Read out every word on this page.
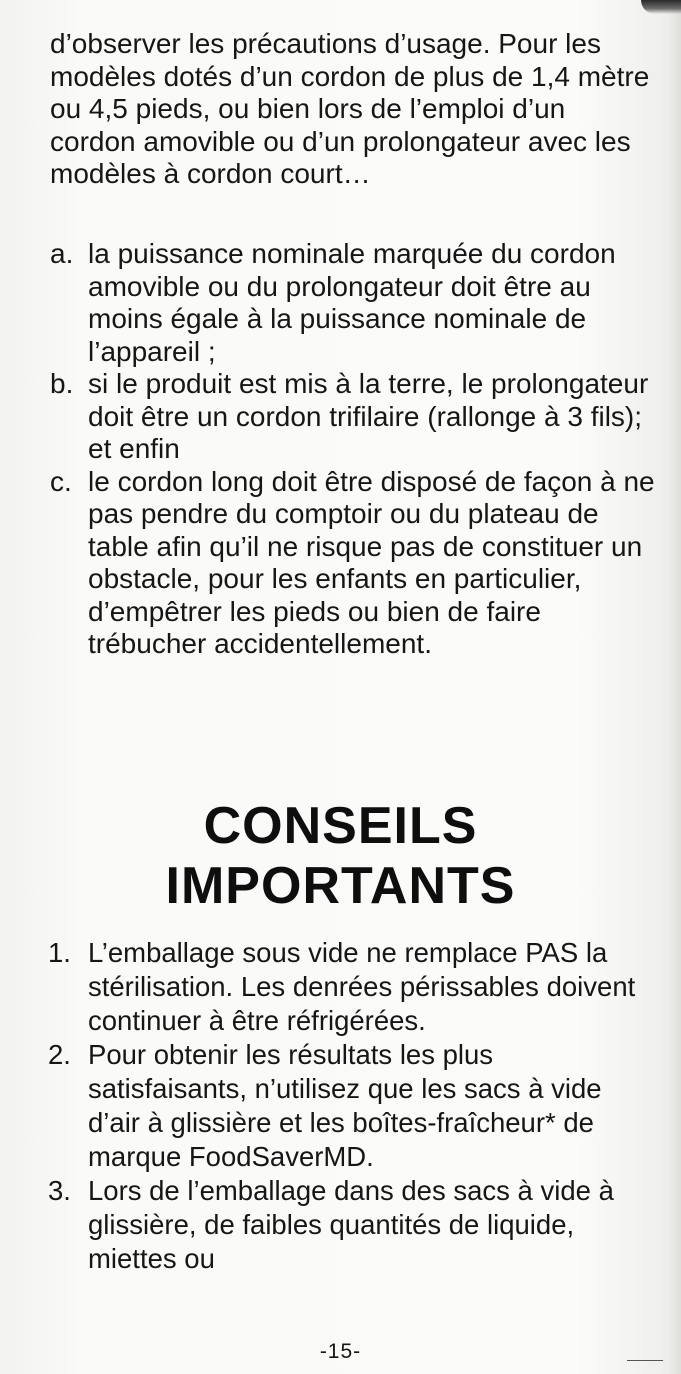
d’observer les précautions d’usage. Pour les modèles dotés d’un cordon de plus de 1,4 mètre ou 4,5 pieds, ou bien lors de l’emploi d’un cordon amovible ou d’un prolongateur avec les modèles à cordon court…

a. la puissance nominale marquée du cordon amovible ou du prolongateur doit être au moins égale à la puissance nominale de l’appareil ;
b. si le produit est mis à la terre, le prolongateur doit être un cordon trifilaire (rallonge à 3 fils); et enfin
c. le cordon long doit être disposé de façon à ne pas pendre du comptoir ou du plateau de table afin qu’il ne risque pas de constituer un obstacle, pour les enfants en particulier, d’empêtrer les pieds ou bien de faire trébucher accidentellement.
CONSEILS
IMPORTANTS
1. L’emballage sous vide ne remplace PAS la stérilisation. Les denrées périssables doivent continuer à être réfrigérées.
2. Pour obtenir les résultats les plus satisfaisants, n’utilisez que les sacs à vide d’air à glissière et les boîtes-fraîcheur* de marque FoodSaverMD.
3. Lors de l’emballage dans des sacs à vide à glissière, de faibles quantités de liquide, miettes ou
-15-
